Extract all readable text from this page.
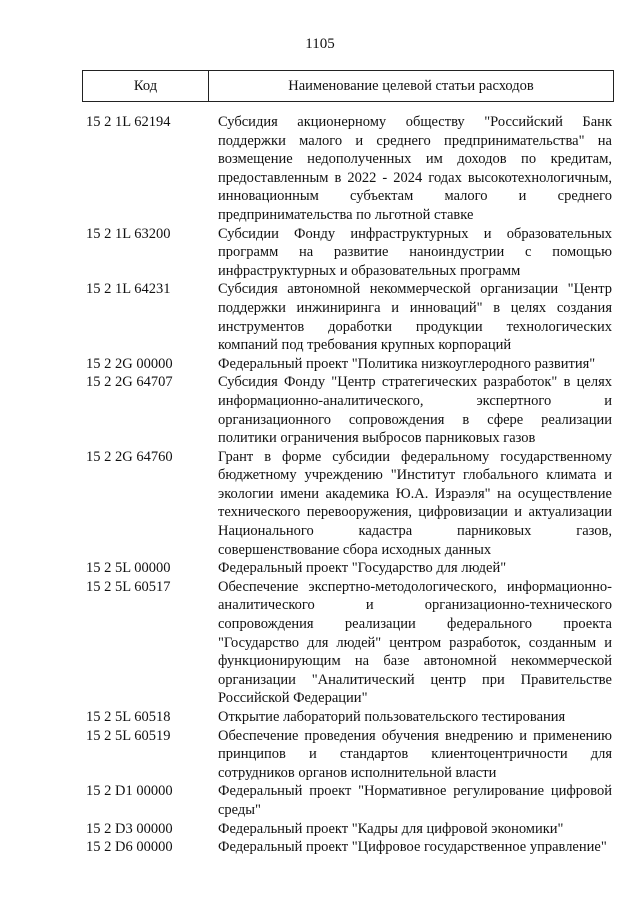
1105
Код	Наименование целевой статьи расходов
15 2 1L 62194	Субсидия акционерному обществу "Российский Банк поддержки малого и среднего предпринимательства" на возмещение недополученных им доходов по кредитам, предоставленным в 2022 - 2024 годах высокотехнологичным, инновационным субъектам малого и среднего предпринимательства по льготной ставке
15 2 1L 63200	Субсидии Фонду инфраструктурных и образовательных программ на развитие наноиндустрии с помощью инфраструктурных и образовательных программ
15 2 1L 64231	Субсидия автономной некоммерческой организации "Центр поддержки инжиниринга и инноваций" в целях создания инструментов доработки продукции технологических компаний под требования крупных корпораций
15 2 2G 00000	Федеральный проект "Политика низкоуглеродного развития"
15 2 2G 64707	Субсидия Фонду "Центр стратегических разработок" в целях информационно-аналитического, экспертного и организационного сопровождения в сфере реализации политики ограничения выбросов парниковых газов
15 2 2G 64760	Грант в форме субсидии федеральному государственному бюджетному учреждению "Институт глобального климата и экологии имени академика Ю.А. Израэля" на осуществление технического перевооружения, цифровизации и актуализации Национального кадастра парниковых газов, совершенствование сбора исходных данных
15 2 5L 00000	Федеральный проект "Государство для людей"
15 2 5L 60517	Обеспечение экспертно-методологического, информационно-аналитического и организационно-технического сопровождения реализации федерального проекта "Государство для людей" центром разработок, созданным и функционирующим на базе автономной некоммерческой организации "Аналитический центр при Правительстве Российской Федерации"
15 2 5L 60518	Открытие лабораторий пользовательского тестирования
15 2 5L 60519	Обеспечение проведения обучения внедрению и применению принципов и стандартов клиентоцентричности для сотрудников органов исполнительной власти
15 2 D1 00000	Федеральный проект "Нормативное регулирование цифровой среды"
15 2 D3 00000	Федеральный проект "Кадры для цифровой экономики"
15 2 D6 00000	Федеральный проект "Цифровое государственное управление"
